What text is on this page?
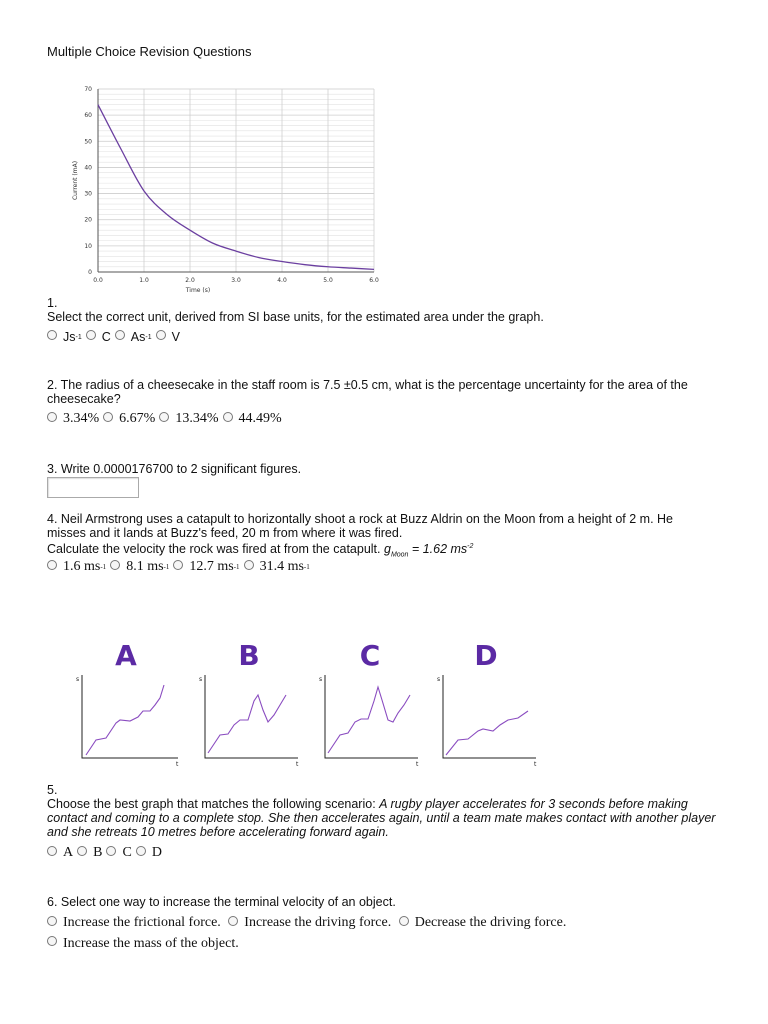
Multiple Choice Revision Questions
0.0	1.0	2.0	3.0	4.0	5.0	6.0
0
10
20
30
40
50
60
70
Time (s)
Current (mA)
1.
Select the correct unit, derived from SI base units, for the estimated area under the graph.
Js -1 C As -1 V
2. The radius of a cheesecake in the staff room is 7.5 ±0.5 cm, what is the percentage uncertainty for the area of the cheesecake?
3.34% 6.67% 13.34% 44.49%
3. Write 0.0000176700 to 2 significant figures.
4. Neil Armstrong uses a catapult to horizontally shoot a rock at Buzz Aldrin on the Moon from a height of 2 m. He
misses and it lands at Buzz's feed, 20 m from where it was fired.
Calculate the velocity the rock was fired at from the catapult. $g_{Moon} = 1.62$ $ms^{-2}$
1.6 ms -1 8.1 ms -1 12.7 ms -1 31.4 ms -1
A	B	C	D
s
t
s
t
s
t
s
t
5.
Choose the best graph that matches the following scenario: A rugby player accelerates for 3 seconds before making contact and coming to a complete stop. She then accelerates again, until a team mate makes contact with another player and she retreats 10 metres before accelerating forward again.
A B C D
6. Select one way to increase the terminal velocity of an object.
Increase the frictional force.
Increase the driving force.
Decrease the driving force.

Increase the mass of the object.
